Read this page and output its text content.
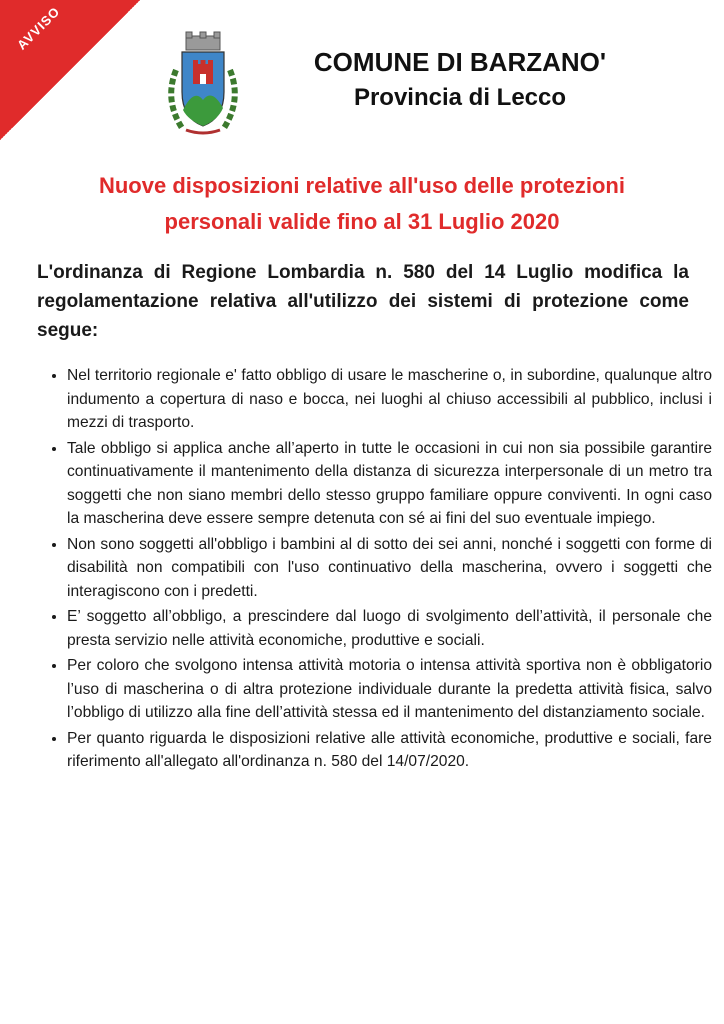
AVVISO
COMUNE DI BARZANO'
Provincia di Lecco
Nuove disposizioni relative all'uso delle protezioni
personali valide fino al 31 Luglio 2020
L'ordinanza di Regione Lombardia n. 580 del 14 Luglio modifica la regolamentazione relativa all'utilizzo dei sistemi di protezione come segue:
• Nel territorio regionale e' fatto obbligo di usare le mascherine o, in subordine, qualunque altro indumento a copertura di naso e bocca, nei luoghi al chiuso accessibili al pubblico, inclusi i mezzi di trasporto.
• Tale obbligo si applica anche all’aperto in tutte le occasioni in cui non sia possibile garantire continuativamente il mantenimento della distanza di sicurezza interpersonale di un metro tra soggetti che non siano membri dello stesso gruppo familiare oppure conviventi. In ogni caso la mascherina deve essere sempre detenuta con sé ai fini del suo eventuale impiego.
• Non sono soggetti all'obbligo i bambini al di sotto dei sei anni, nonché i soggetti con forme di disabilità non compatibili con l'uso continuativo della mascherina, ovvero i soggetti che interagiscono con i predetti.
• E’ soggetto all’obbligo, a prescindere dal luogo di svolgimento dell’attività, il personale che presta servizio nelle attività economiche, produttive e sociali.
• Per coloro che svolgono intensa attività motoria o intensa attività sportiva non è obbligatorio l’uso di mascherina o di altra protezione individuale durante la predetta attività fisica, salvo l’obbligo di utilizzo alla fine dell’attività stessa ed il mantenimento del distanziamento sociale.
• Per quanto riguarda le disposizioni relative alle attività economiche, produttive e sociali, fare riferimento all'allegato all'ordinanza n. 580 del 14/07/2020.
